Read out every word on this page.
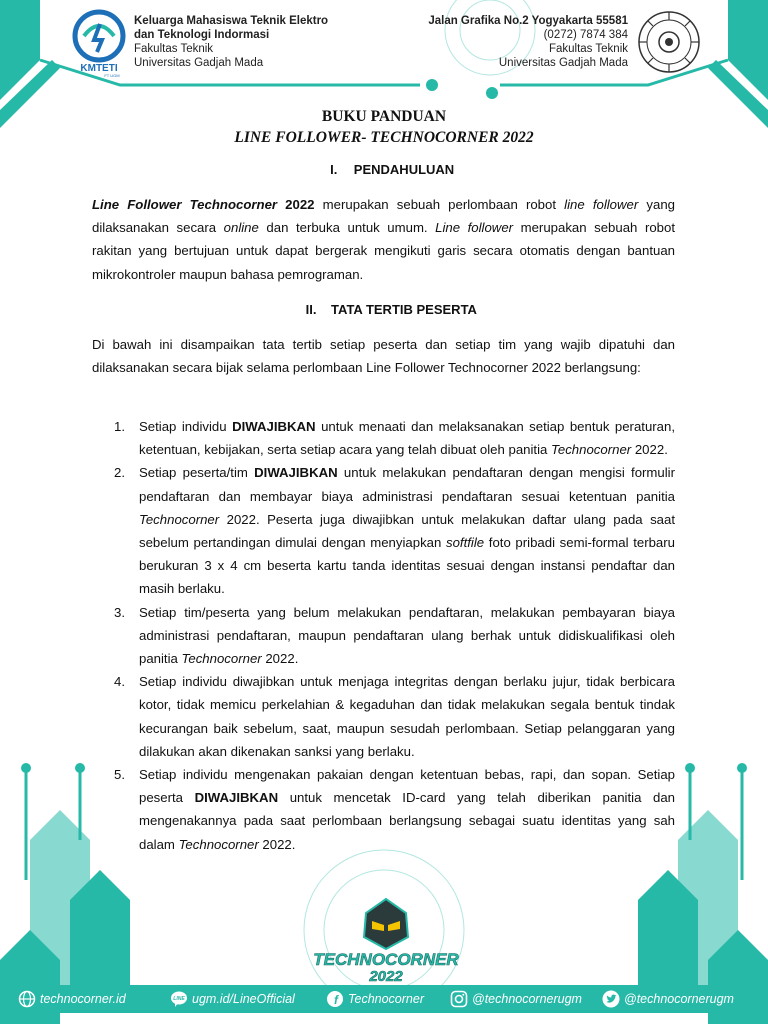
KMTETI
FT UGM
Keluarga Mahasiswa Teknik Elektro
dan Teknologi Indormasi
Fakultas Teknik
Universitas Gadjah Mada
Jalan Grafika No.2 Yogyakarta 55581
(0272) 7874 384
Fakultas Teknik
Universitas Gadjah Mada
BUKU PANDUAN
LINE FOLLOWER- TECHNOCORNER 2022
I. PENDAHULUAN
Line Follower Technocorner 2022 merupakan sebuah perlombaan robot line follower yang dilaksanakan secara online dan terbuka untuk umum. Line follower merupakan sebuah robot rakitan yang bertujuan untuk dapat bergerak mengikuti garis secara otomatis dengan bantuan mikrokontroler maupun bahasa pemrograman.
II. TATA TERTIB PESERTA
Di bawah ini disampaikan tata tertib setiap peserta dan setiap tim yang wajib dipatuhi dan dilaksanakan secara bijak selama perlombaan Line Follower Technocorner 2022 berlangsung:
1. Setiap individu DIWAJIBKAN untuk menaati dan melaksanakan setiap bentuk peraturan, ketentuan, kebijakan, serta setiap acara yang telah dibuat oleh panitia Technocorner 2022.
2. Setiap peserta/tim DIWAJIBKAN untuk melakukan pendaftaran dengan mengisi formulir pendaftaran dan membayar biaya administrasi pendaftaran sesuai ketentuan panitia Technocorner 2022. Peserta juga diwajibkan untuk melakukan daftar ulang pada saat sebelum pertandingan dimulai dengan menyiapkan softfile foto pribadi semi-formal terbaru berukuran 3 x 4 cm beserta kartu tanda identitas sesuai dengan instansi pendaftar dan masih berlaku.
3. Setiap tim/peserta yang belum melakukan pendaftaran, melakukan pembayaran biaya administrasi pendaftaran, maupun pendaftaran ulang berhak untuk didiskualifikasi oleh panitia Technocorner 2022.
4. Setiap individu diwajibkan untuk menjaga integritas dengan berlaku jujur, tidak berbicara kotor, tidak memicu perkelahian & kegaduhan dan tidak melakukan segala bentuk tindak kecurangan baik sebelum, saat, maupun sesudah perlombaan. Setiap pelanggaran yang dilakukan akan dikenakan sanksi yang berlaku.
5. Setiap individu mengenakan pakaian dengan ketentuan bebas, rapi, dan sopan. Setiap peserta DIWAJIBKAN untuk mencetak ID-card yang telah diberikan panitia dan mengenakannya pada saat perlombaan berlangsung sebagai suatu identitas yang sah dalam Technocorner 2022.
TECHNOCORNER
2022
technocorner.id	LINE ugm.id/LineOfficial	f Technocorner	@technocornerugm	@technocornerugm
